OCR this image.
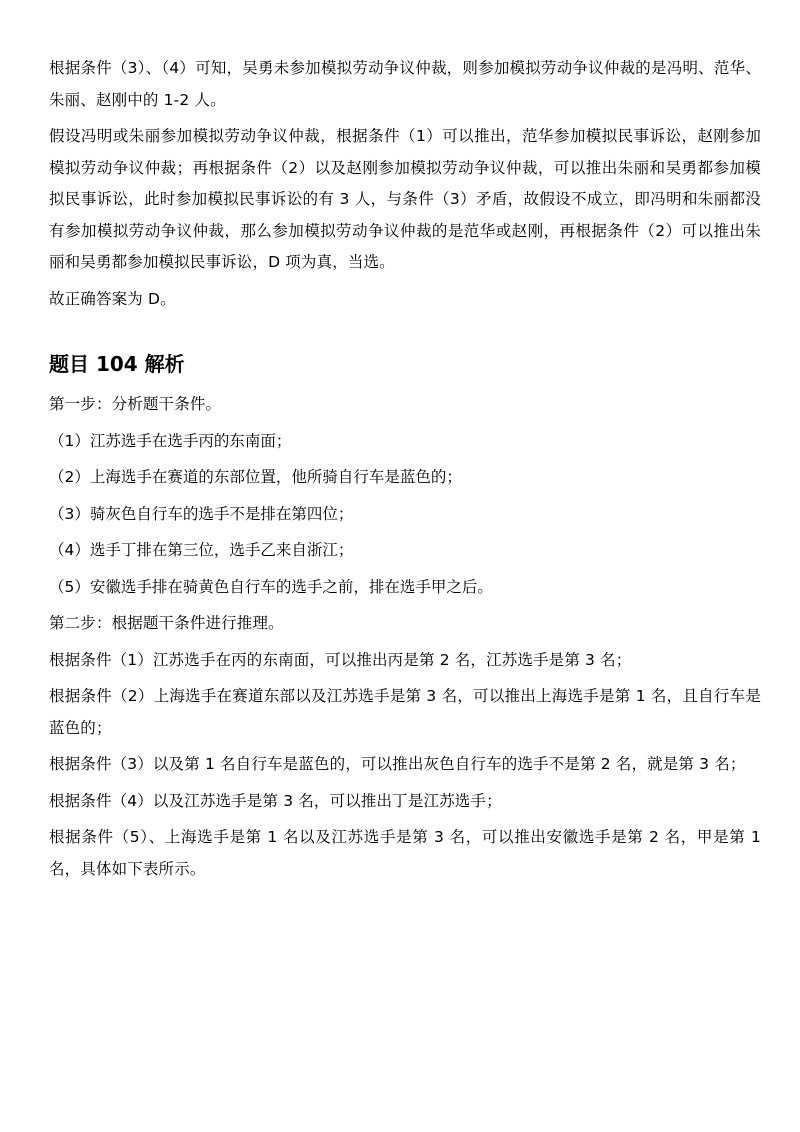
根据条件（3）、（4）可知，吴勇未参加模拟劳动争议仲裁，则参加模拟劳动争议仲裁的是冯明、范华、朱丽、赵刚中的 1-2 人。

假设冯明或朱丽参加模拟劳动争议仲裁，根据条件（1）可以推出，范华参加模拟民事诉讼，赵刚参加模拟劳动争议仲裁；再根据条件（2）以及赵刚参加模拟劳动争议仲裁，可以推出朱丽和吴勇都参加模拟民事诉讼，此时参加模拟民事诉讼的有 3 人，与条件（3）矛盾，故假设不成立，即冯明和朱丽都没有参加模拟劳动争议仲裁，那么参加模拟劳动争议仲裁的是范华或赵刚，再根据条件（2）可以推出朱丽和吴勇都参加模拟民事诉讼，D 项为真，当选。

故正确答案为 D。

题目 104 解析

第一步：分析题干条件。

（1）江苏选手在选手丙的东南面；

（2）上海选手在赛道的东部位置，他所骑自行车是蓝色的；

（3）骑灰色自行车的选手不是排在第四位；

（4）选手丁排在第三位，选手乙来自浙江；

（5）安徽选手排在骑黄色自行车的选手之前，排在选手甲之后。

第二步：根据题干条件进行推理。

根据条件（1）江苏选手在丙的东南面，可以推出丙是第 2 名，江苏选手是第 3 名；

根据条件（2）上海选手在赛道东部以及江苏选手是第 3 名，可以推出上海选手是第 1 名，且自行车是蓝色的；

根据条件（3）以及第 1 名自行车是蓝色的，可以推出灰色自行车的选手不是第 2 名，就是第 3 名；

根据条件（4）以及江苏选手是第 3 名，可以推出丁是江苏选手；

根据条件（5）、上海选手是第 1 名以及江苏选手是第 3 名，可以推出安徽选手是第 2 名，甲是第 1 名，具体如下表所示。
